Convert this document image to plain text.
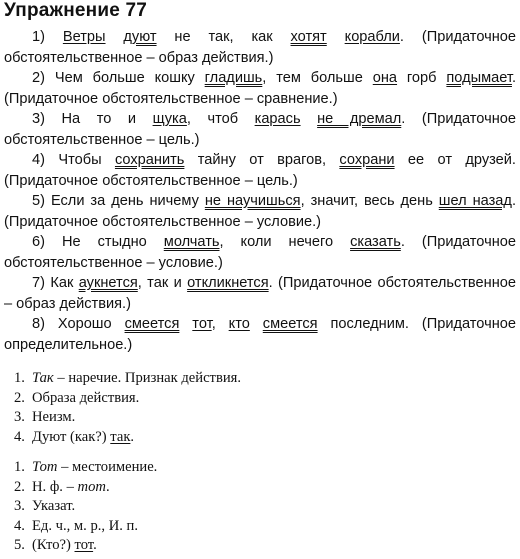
Упражнение 77

1) Ветры дуют не так, как хотят корабли. (Придаточное обстоятельственное – образ действия.)

2) Чем больше кошку гладишь, тем больше она горб подымает. (Придаточное обстоятельственное – сравнение.)

3) На то и щука, чтоб карась не дремал. (Придаточное обстоятельственное – цель.)

4) Чтобы сохранить тайну от врагов, сохрани ее от друзей. (Придаточное обстоятельственное – цель.)

5) Если за день ничему не научишься, значит, весь день шел назад. (Придаточное обстоятельственное – условие.)

6) Не стыдно молчать, коли нечего сказать. (Придаточное обстоятельственное – условие.)

7) Как аукнется, так и откликнется. (Придаточное обстоятельственное – образ действия.)

8) Хорошо смеется тот, кто смеется последним. (Придаточное определительное.)

1. Так – наречие. Признак действия.
2. Образа действия.
3. Неизм.
4. Дуют (как?) так.
1. Тот – местоимение.
2. Н. ф. – тот.
3. Указат.
4. Ед. ч., м. р., И. п.
5. (Кто?) тот.
